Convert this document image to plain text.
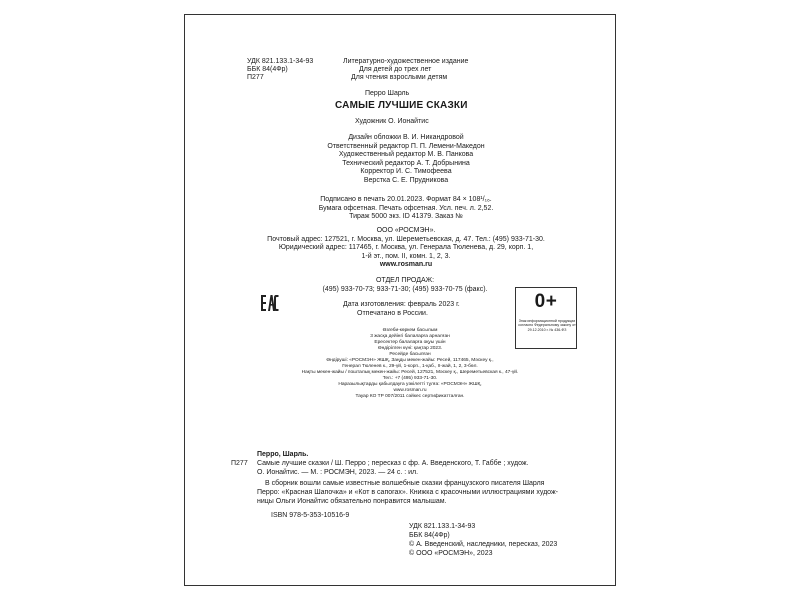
УДК 821.133.1-34-93
ББК 84(4Фр)
П277
Литературно-художественное издание
Для детей до трех лет
Для чтения взрослыми детям
Перро Шарль
САМЫЕ ЛУЧШИЕ СКАЗКИ
Художник О. Ионайтис
Дизайн обложки В. И. Никандровой
Ответственный редактор П. П. Лемени-Македон
Художественный редактор М. В. Панкова
Технический редактор А. Т. Добрынина
Корректор И. С. Тимофеева
Верстка С. Е. Прудникова
Подписано в печать 20.01.2023. Формат 84 × 108¹/₁₆.
Бумага офсетная. Печать офсетная. Усл. печ. л. 2,52.
Тираж 5000 экз. ID 41379. Заказ №
ООО «РОСМЭН».
Почтовый адрес: 127521, г. Москва, ул. Шереметьевская, д. 47. Тел.: (495) 933-71-30.
Юридический адрес: 117465, г. Москва, ул. Генерала Тюленева, д. 29, корп. 1,
1-й эт., пом. II, комн. 1, 2, 3.
www.rosman.ru
ОТДЕЛ ПРОДАЖ:
(495) 933-70-73; 933-71-30; (495) 933-70-75 (факс).
Дата изготовления: февраль 2023 г.
Отпечатано в России.
0+
Знак информационной продукции согласно Федеральному закону от 29.12.2010 г. № 436-ФЗ
Өзгеби-көркем басылым
3 жасқа дейінгі балаларға арналған
Ересектер балаларға оқуы үшін
Өндірілген күні: қаңтар 2023.
Ресейде басылған
Өндіруші: «РОСМЭН» ЖШҚ, Заңды мекен-жайы: Ресей, 117465, Мәскеу қ.,
Генерал Тюленев к., 29-үй, 1-корп., 1-қаб., II-жай, 1, 2, 3-бөл.
Нақты мекен-жайы / пошталық мекен-жайы: Ресей, 127521, Мәскеу қ., Шереметьевская к., 47-үй.
Тел.: +7 (495) 933-71-30.
Наразылықтарды қабылдауға уәкілетті тұлға: «РОСМЭН» ЖШҚ,
www.rosman.ru
Тауар КО ТР 007/2011 сәйкес сертификатталған.
Перро, Шарль.
П277 Самые лучшие сказки / Ш. Перро ; пересказ с фр. А. Введенского, Т. Габбе ; худож.
О. Ионайтис. — М. : РОСМЭН, 2023. — 24 с. : ил.
В сборник вошли самые известные волшебные сказки французского писателя Шарля
Перро: «Красная Шапочка» и «Кот в сапогах». Книжка с красочными иллюстрациями худож-
ницы Ольги Ионайтис обязательно понравится малышам.
ISBN 978-5-353-10516-9
УДК 821.133.1-34-93
ББК 84(4Фр)
© А. Введенский, наследники, пересказ, 2023
© ООО «РОСМЭН», 2023
